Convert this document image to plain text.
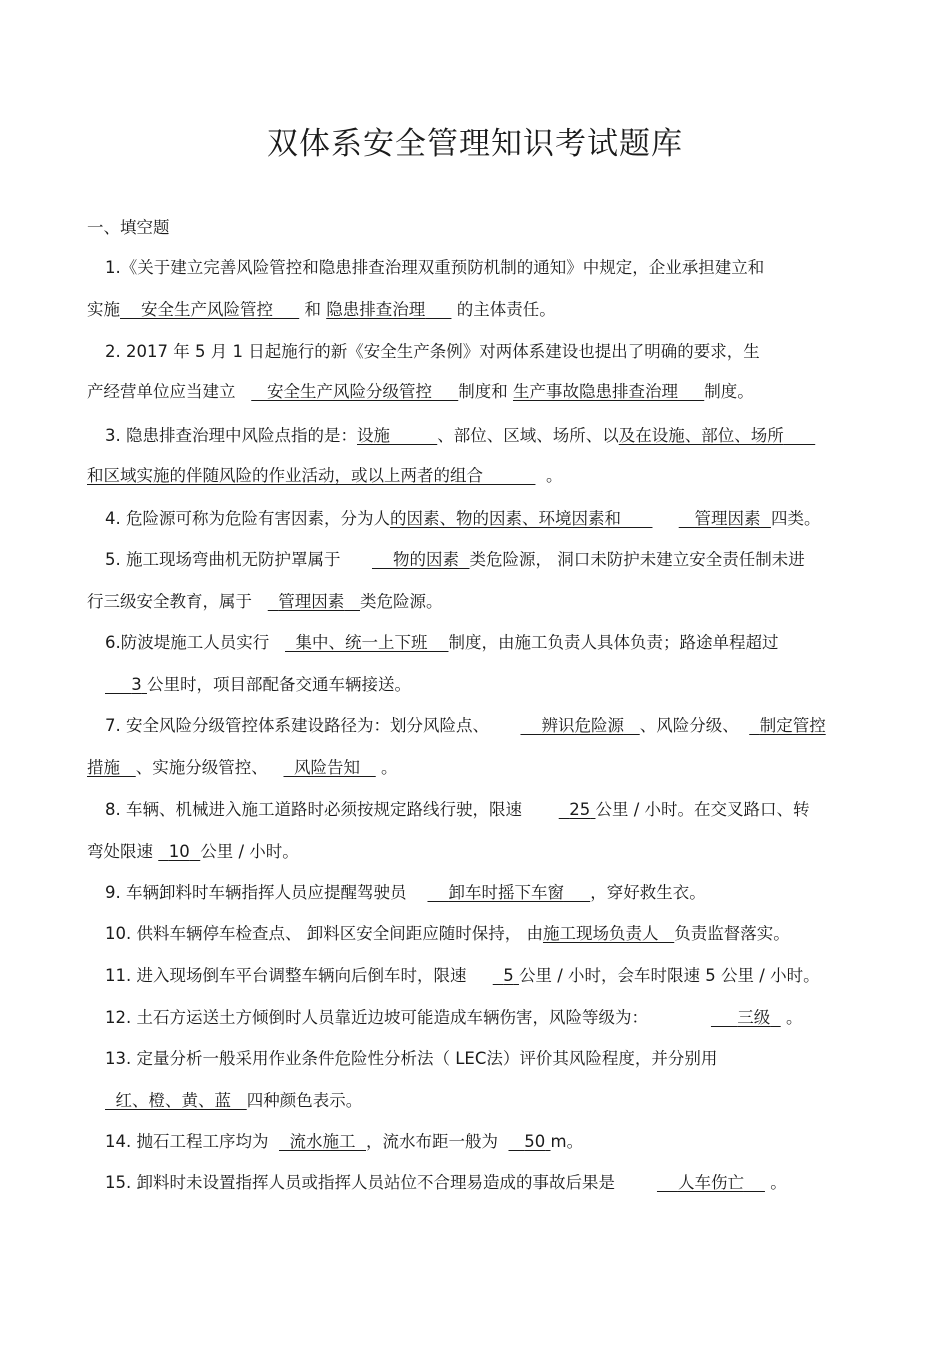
双体系安全管理知识考试题库
一、填空题
1.《关于建立完善风险管控和隐患排查治理双重预防机制的通知》中规定，企业承担建立和
实施 安全生产风险管控 和 隐患排查治理 的主体责任。
2. 2017 年 5 月 1 日起施行的新《安全生产条例》对两体系建设也提出了明确的要求，生
产经营单位应当建立 安全生产风险分级管控 制度和 生产事故隐患排查治理 制度。
3. 隐患排查治理中风险点指的是：设施	、部位、区域、场所、以及在设施、部位、场所
和区域实施的伴随风险的作业活动，或以上两者的组合	。
4. 危险源可称为危险有害因素，分为人的因素、物的因素、环境因素和	管理因素 四类。
5. 施工现场弯曲机无防护罩属于	物的因素 类危险源， 洞口未防护未建立安全责任制未进
行三级安全教育，属于 管理因素 类危险源。
6.防波堤施工人员实行 集中、统一上下班 制度，由施工负责人具体负责；路途单程超过
3 公里时，项目部配备交通车辆接送。
7. 安全风险分级管控体系建设路径为：划分风险点、	辨识危险源 、风险分级、 制定管控
措施 、实施分级管控、 风险告知 。
8. 车辆、机械进入施工道路时必须按规定路线行驶，限速	25 公里 / 小时。在交叉路口、转
弯处限速 10 公里 / 小时。
9. 车辆卸料时车辆指挥人员应提醒驾驶员	卸车时摇下车窗 ，穿好救生衣。
10. 供料车辆停车检查点、 卸料区安全间距应随时保持， 由施工现场负责人 负责监督落实。
11. 进入现场倒车平台调整车辆向后倒车时，限速 5 公里 / 小时，会车时限速 5 公里 / 小时。
12. 土石方运送土方倾倒时人员靠近边坡可能造成车辆伤害，风险等级为：	三级 。
13. 定量分析一般采用作业条件危险性分析法（ LEC法）评价其风险程度，并分别用
红、橙、黄、蓝 四种颜色表示。
14. 抛石工程工序均为 流水施工 ，流水布距一般为 50 m。
15. 卸料时未设置指挥人员或指挥人员站位不合理易造成的事故后果是	人车伤亡 。
